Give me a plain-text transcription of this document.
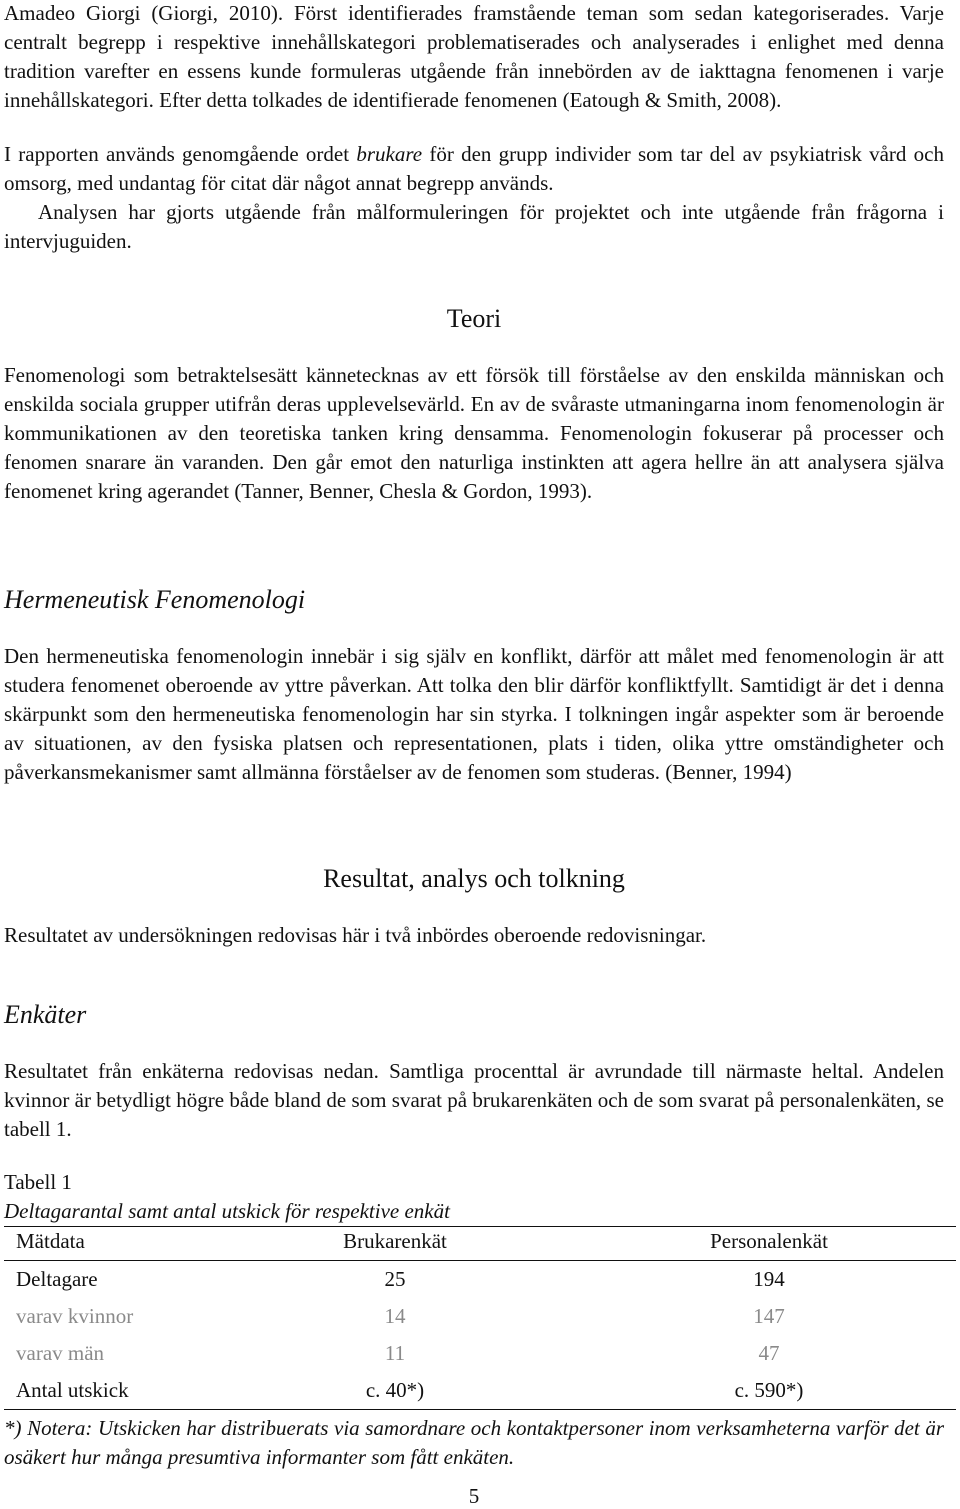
Amadeo Giorgi (Giorgi, 2010). Först identifierades framstående teman som sedan kategoriserades. Varje centralt begrepp i respektive innehållskategori problematiserades och analyserades i enlighet med denna tradition varefter en essens kunde formuleras utgående från innebörden av de iakttagna fenomenen i varje innehållskategori. Efter detta tolkades de identifierade fenomenen (Eatough & Smith, 2008).

I rapporten används genomgående ordet brukare för den grupp individer som tar del av psykiatrisk vård och omsorg, med undantag för citat där något annat begrepp används.

Analysen har gjorts utgående från målformuleringen för projektet och inte utgående från frågorna i intervjuguiden.

Teori

Fenomenologi som betraktelsesätt kännetecknas av ett försök till förståelse av den enskilda människan och enskilda sociala grupper utifrån deras upplevelsevärld. En av de svåraste utmaningarna inom fenomenologin är kommunikationen av den teoretiska tanken kring densamma. Fenomenologin fokuserar på processer och fenomen snarare än varanden. Den går emot den naturliga instinkten att agera hellre än att analysera själva fenomenet kring agerandet (Tanner, Benner, Chesla & Gordon, 1993).

Hermeneutisk Fenomenologi

Den hermeneutiska fenomenologin innebär i sig själv en konflikt, därför att målet med fenomenologin är att studera fenomenet oberoende av yttre påverkan. Att tolka den blir därför konfliktfyllt. Samtidigt är det i denna skärpunkt som den hermeneutiska fenomenologin har sin styrka. I tolkningen ingår aspekter som är beroende av situationen, av den fysiska platsen och representationen, plats i tiden, olika yttre omständigheter och påverkansmekanismer samt allmänna förståelser av de fenomen som studeras. (Benner, 1994)

Resultat, analys och tolkning

Resultatet av undersökningen redovisas här i två inbördes oberoende redovisningar.

Enkäter

Resultatet från enkäterna redovisas nedan. Samtliga procenttal är avrundade till närmaste heltal. Andelen kvinnor är betydligt högre både bland de som svarat på brukarenkäten och de som svarat på personalenkäten, se tabell 1.

Tabell 1
Deltagarantal samt antal utskick för respektive enkät
Mätdata	Brukarenkät	Personalenkät
Deltagare	25	194
varav kvinnor	14	147
varav män	11	47
Antal utskick	c. 40*)	c. 590*)

*) Notera: Utskicken har distribuerats via samordnare och kontaktpersoner inom verksamheterna varför det är osäkert hur många presumtiva informanter som fått enkäten.

5
